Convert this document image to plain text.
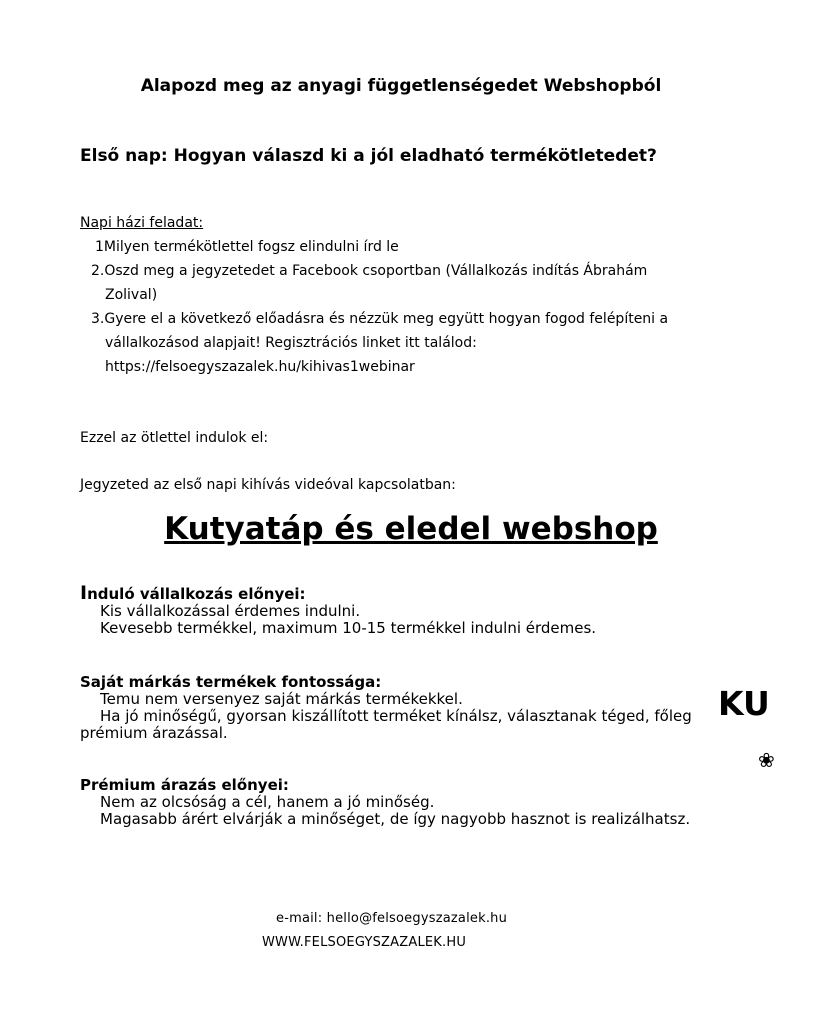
Alapozd meg az anyagi függetlenségedet Webshopból
Első nap: Hogyan válaszd ki a jól eladható termékötletedet?
Napi házi feladat:
1Milyen termékötlettel fogsz elindulni írd le
2.Oszd meg a jegyzetedet a Facebook csoportban (Vállalkozás indítás Ábrahám
Zolival)
3.Gyere el a következő előadásra és nézzük meg együtt hogyan fogod felépíteni a
vállalkozásod alapjait! Regisztrációs linket itt találod:
https://felsoegyszazalek.hu/kihivas1webinar
Ezzel az ötlettel indulok el:
Jegyzeted az első napi kihívás videóval kapcsolatban:
Kutyatáp és eledel webshop
Induló vállalkozás előnyei:
Kis vállalkozással érdemes indulni.
Kevesebb termékkel, maximum 10-15 termékkel indulni érdemes.
Saját márkás termékek fontossága:
Temu nem versenyez saját márkás termékekkel.
Ha jó minőségű, gyorsan kiszállított terméket kínálsz, választanak téged, főleg
prémium árazással.
Prémium árazás előnyei:
Nem az olcsóság a cél, hanem a jó minőség.
Magasabb árért elvárják a minőséget, de így nagyobb hasznot is realizálhatsz.
KU
❀
e-mail: hello@felsoegyszazalek.hu
WWW.FELSOEGYSZAZALEK.HU
